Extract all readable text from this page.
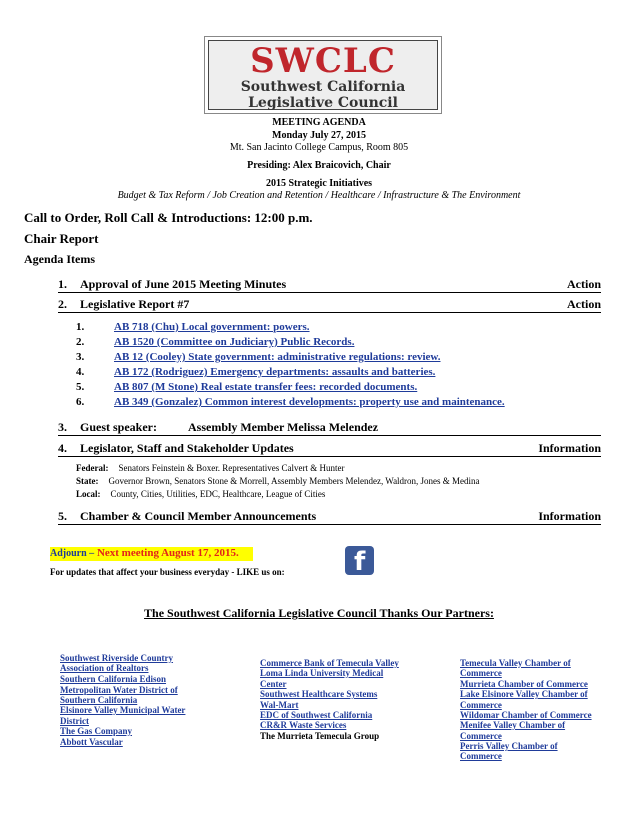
SWCLC
Southwest California
Legislative Council
MEETING AGENDA
Monday July 27, 2015
Mt. San Jacinto College Campus, Room 805
Presiding: Alex Braicovich, Chair
2015 Strategic Initiatives
Budget & Tax Reform / Job Creation and Retention / Healthcare / Infrastructure & The Environment
Call to Order, Roll Call & Introductions: 12:00 p.m.
Chair Report
Agenda Items
1. Approval of June 2015 Meeting Minutes	Action
2. Legislative Report #7	Action
1.	AB 718 (Chu) Local government: powers.
2.	AB 1520 (Committee on Judiciary) Public Records.
3.	AB 12 (Cooley) State government: administrative regulations: review.
4.	AB 172 (Rodriguez) Emergency departments: assaults and batteries.
5.	AB 807 (M Stone) Real estate transfer fees: recorded documents.
6.	AB 349 (Gonzalez) Common interest developments: property use and maintenance.
3. Guest speaker:	Assembly Member Melissa Melendez
4. Legislator, Staff and Stakeholder Updates	Information
Federal: Senators Feinstein & Boxer. Representatives Calvert & Hunter
State: Governor Brown, Senators Stone & Morrell, Assembly Members Melendez, Waldron, Jones & Medina
Local: County, Cities, Utilities, EDC, Healthcare, League of Cities
5. Chamber & Council Member Announcements	Information
Adjourn – Next meeting August 17, 2015.
For updates that affect your business everyday - LIKE us on:	f
The Southwest California Legislative Council Thanks Our Partners:
Southwest Riverside Country
Association of Realtors
Southern California Edison
Metropolitan Water District of
Southern California
Elsinore Valley Municipal Water
District
The Gas Company
Abbott Vascular
Commerce Bank of Temecula Valley
Loma Linda University Medical
Center
Southwest Healthcare Systems
Wal-Mart
EDC of Southwest California
CR&R Waste Services
The Murrieta Temecula Group
Temecula Valley Chamber of
Commerce
Murrieta Chamber of Commerce
Lake Elsinore Valley Chamber of
Commerce
Wildomar Chamber of Commerce
Menifee Valley Chamber of
Commerce
Perris Valley Chamber of
Commerce
